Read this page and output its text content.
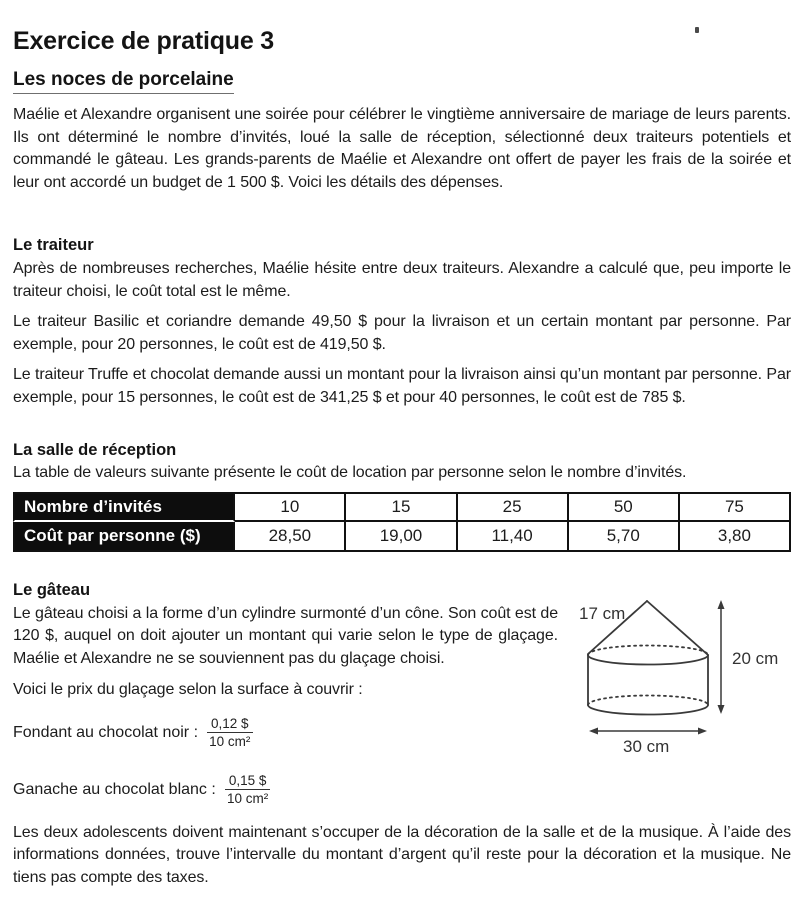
Exercice de pratique 3
Les noces de porcelaine

Maélie et Alexandre organisent une soirée pour célébrer le vingtième anniversaire de mariage de leurs parents. Ils ont déterminé le nombre d’invités, loué la salle de réception, sélectionné deux traiteurs potentiels et commandé le gâteau. Les grands-parents de Maélie et Alexandre ont offert de payer les frais de la soirée et leur ont accordé un budget de 1 500 $. Voici les détails des dépenses.

Le traiteur

Après de nombreuses recherches, Maélie hésite entre deux traiteurs. Alexandre a calculé que, peu importe le traiteur choisi, le coût total est le même.

Le traiteur Basilic et coriandre demande 49,50 $ pour la livraison et un certain montant par personne. Par exemple, pour 20 personnes, le coût est de 419,50 $.

Le traiteur Truffe et chocolat demande aussi un montant pour la livraison ainsi qu’un montant par personne. Par exemple, pour 15 personnes, le coût est de 341,25 $ et pour 40 personnes, le coût est de 785 $.

La salle de réception

La table de valeurs suivante présente le coût de location par personne selon le nombre d’invités.

Nombre d’invités	10	15	25	50	75
Coût par personne ($)	28,50	19,00	11,40	5,70	3,80
Le gâteau

Le gâteau choisi a la forme d’un cylindre surmonté d’un cône. Son coût est de 120 $, auquel on doit ajouter un montant qui varie selon le type de glaçage. Maélie et Alexandre ne se souviennent pas du glaçage choisi.

Voici le prix du glaçage selon la surface à couvrir :

Fondant au chocolat noir : $\frac{0,12 \$}{\text{10 cm²}}$
Ganache au chocolat blanc : $\frac{0,15 \$}{\text{10 cm²}}$
17 cm
20 cm
30 cm

Les deux adolescents doivent maintenant s’occuper de la décoration de la salle et de la musique. À l’aide des informations données, trouve l’intervalle du montant d’argent qu’il reste pour la décoration et la musique. Ne tiens pas compte des taxes.
